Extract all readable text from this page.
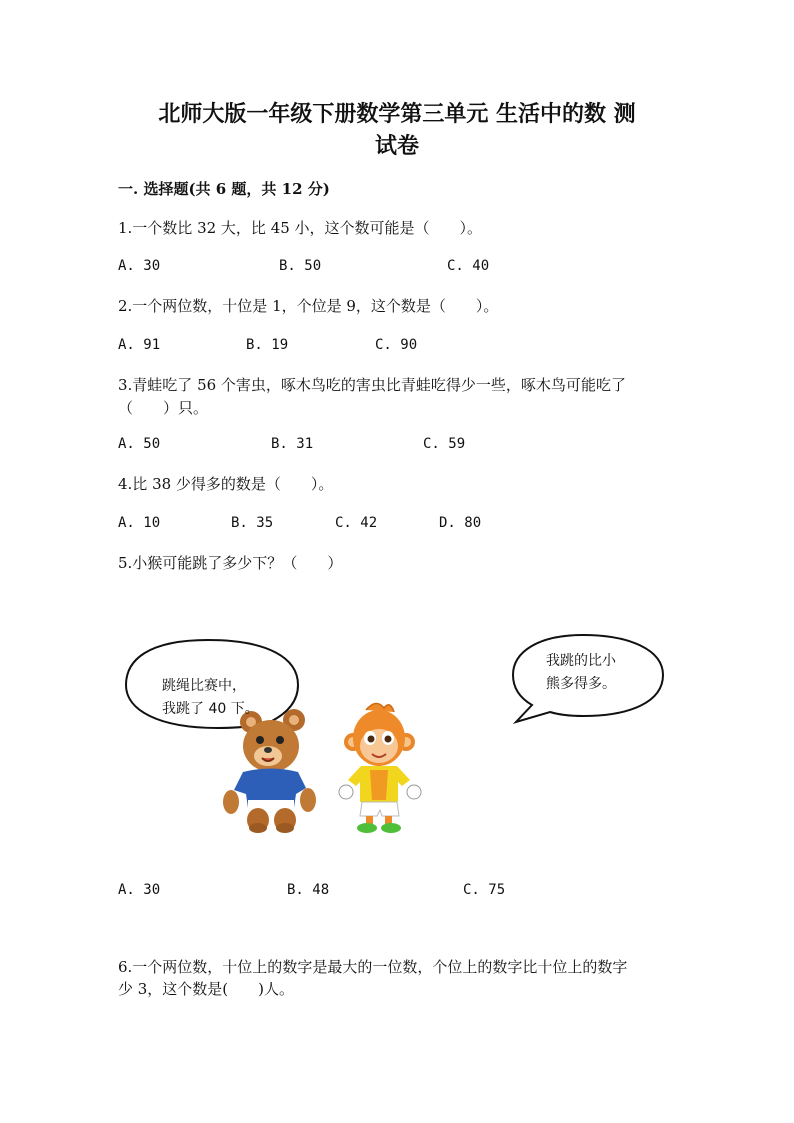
北师大版一年级下册数学第三单元 生活中的数 测
试卷
一. 选择题(共 6 题，共 12 分)
1.一个数比 32 大，比 45 小，这个数可能是（　　）。
A. 30	B. 50	C. 40
2.一个两位数，十位是 1，个位是 9，这个数是（　　）。
A. 91	B. 19	C. 90
3.青蛙吃了 56 个害虫，啄木鸟吃的害虫比青蛙吃得少一些，啄木鸟可能吃了
（　　）只。
A. 50	B. 31	C. 59
4.比 38 少得多的数是（　　）。
A. 10	B. 35	C. 42	D. 80
5.小猴可能跳了多少下？（　　）
跳绳比赛中，
我跳了 40 下。
我跳的比小
熊多得多。
A. 30	B. 48	C. 75
6.一个两位数，十位上的数字是最大的一位数，个位上的数字比十位上的数字
少 3，这个数是(　　)人。
